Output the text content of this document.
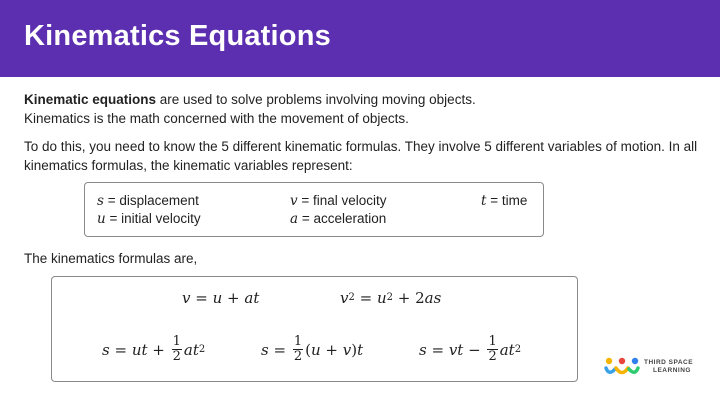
Kinematics Equations
Kinematic equations are used to solve problems involving moving objects.
Kinematics is the math concerned with the movement of objects.
To do this, you need to know the 5 different kinematic formulas. They involve 5 different variables of motion. In all kinematics formulas, the kinematic variables represent:
s = displacement	v = final velocity	t = time
u = initial velocity	a = acceleration
The kinematics formulas are,
v = u + at	v 2 = u 2 + 2 as
s = ut + $\frac{1}{2}$ at 2	$s = \frac{1}{2}$ ( u + v ) t	s = vt − $\frac{1}{2}$ at 2
THIRD SPACE
LEARNING
